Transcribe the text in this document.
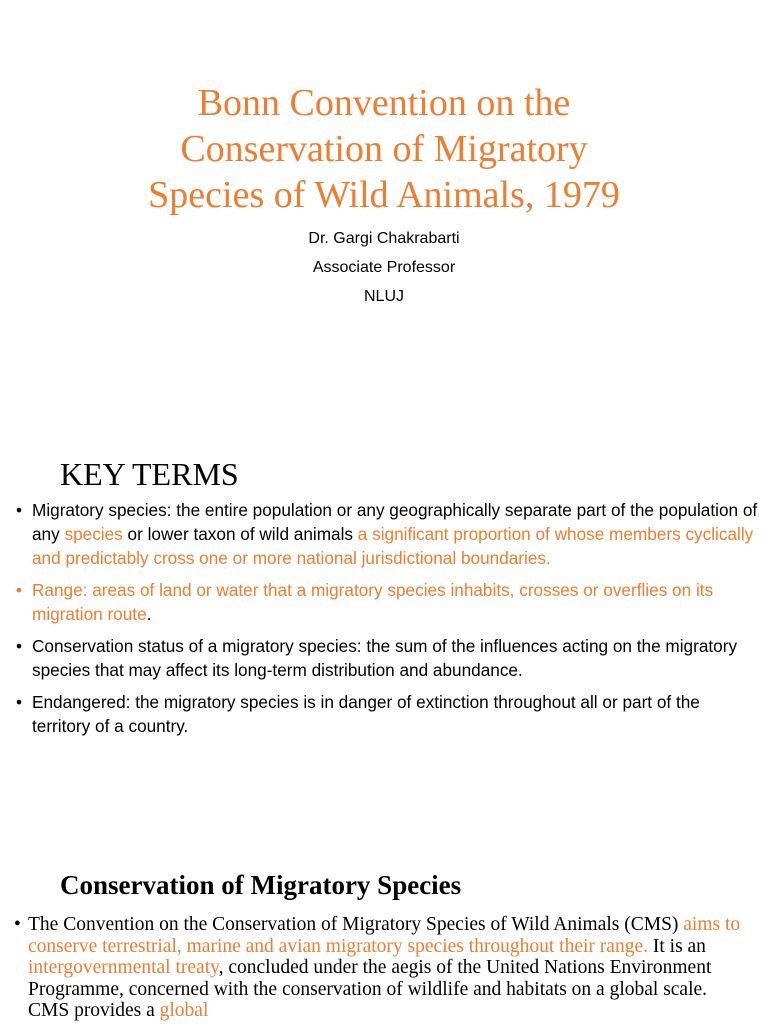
Bonn Convention on the
Conservation of Migratory
Species of Wild Animals, 1979
Dr. Gargi Chakrabarti
Associate Professor
NLUJ
KEY TERMS
• Migratory species: the entire population or any geographically separate part of the population of any species or lower taxon of wild animals a significant proportion of whose members cyclically and predictably cross one or more national jurisdictional boundaries.
• Range: areas of land or water that a migratory species inhabits, crosses or overflies on its migration route.
• Conservation status of a migratory species: the sum of the influences acting on the migratory species that may affect its long-term distribution and abundance.
• Endangered: the migratory species is in danger of extinction throughout all or part of the territory of a country.
Conservation of Migratory Species
• The Convention on the Conservation of Migratory Species of Wild Animals (CMS) aims to conserve terrestrial, marine and avian migratory species throughout their range. It is an intergovernmental treaty, concluded under the aegis of the United Nations Environment Programme, concerned with the conservation of wildlife and habitats on a global scale. CMS provides a global
